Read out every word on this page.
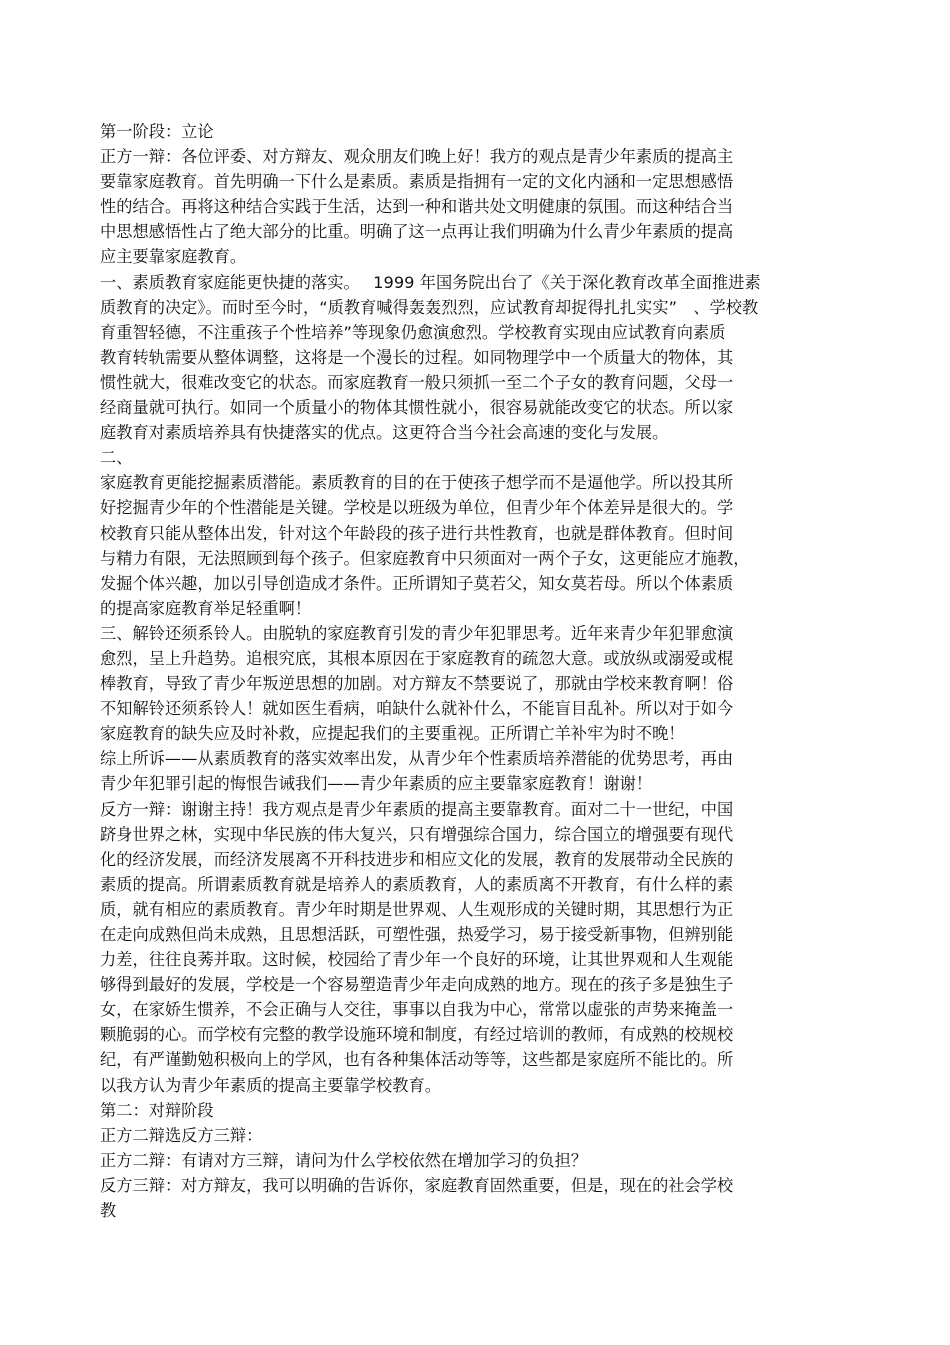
第一阶段：立论
正方一辩：各位评委、对方辩友、观众朋友们晚上好！我方的观点是青少年素质的提高主
要靠家庭教育。首先明确一下什么是素质。素质是指拥有一定的文化内涵和一定思想感悟
性的结合。再将这种结合实践于生活，达到一种和谐共处文明健康的氛围。而这种结合当
中思想感悟性占了绝大部分的比重。明确了这一点再让我们明确为什么青少年素质的提高
应主要靠家庭教育。
一、素质教育家庭能更快捷的落实。　 1999 年国务院出台了《关于深化教育改革全面推进素
质教育的决定》。而时至今时，“质教育喊得轰轰烈烈，应试教育却捉得扎扎实实”　、学校教
育重智轻德，不注重孩子个性培养”等现象仍愈演愈烈。学校教育实现由应试教育向素质
教育转轨需要从整体调整，这将是一个漫长的过程。如同物理学中一个质量大的物体，其
惯性就大，很难改变它的状态。而家庭教育一般只须抓一至二个子女的教育问题，父母一
经商量就可执行。如同一个质量小的物体其惯性就小，很容易就能改变它的状态。所以家
庭教育对素质培养具有快捷落实的优点。这更符合当今社会高速的变化与发展。
二、
家庭教育更能挖掘素质潜能。素质教育的目的在于使孩子想学而不是逼他学。所以投其所
好挖掘青少年的个性潜能是关键。学校是以班级为单位，但青少年个体差异是很大的。学
校教育只能从整体出发，针对这个年龄段的孩子进行共性教育，也就是群体教育。但时间
与精力有限，无法照顾到每个孩子。但家庭教育中只须面对一两个子女，这更能应才施教，
发掘个体兴趣，加以引导创造成才条件。正所谓知子莫若父，知女莫若母。所以个体素质
的提高家庭教育举足轻重啊！
三、解铃还须系铃人。由脱轨的家庭教育引发的青少年犯罪思考。近年来青少年犯罪愈演
愈烈，呈上升趋势。追根究底，其根本原因在于家庭教育的疏忽大意。或放纵或溺爱或棍
棒教育，导致了青少年叛逆思想的加剧。对方辩友不禁要说了，那就由学校来教育啊！俗
不知解铃还须系铃人！就如医生看病，咱缺什么就补什么，不能盲目乱补。所以对于如今
家庭教育的缺失应及时补救，应提起我们的主要重视。正所谓亡羊补牢为时不晚！
综上所诉——从素质教育的落实效率出发，从青少年个性素质培养潜能的优势思考，再由
青少年犯罪引起的悔恨告诫我们——青少年素质的应主要靠家庭教育！谢谢！
反方一辩：谢谢主持！我方观点是青少年素质的提高主要靠教育。面对二十一世纪，中国
跻身世界之林，实现中华民族的伟大复兴，只有增强综合国力，综合国立的增强要有现代
化的经济发展，而经济发展离不开科技进步和相应文化的发展，教育的发展带动全民族的
素质的提高。所谓素质教育就是培养人的素质教育，人的素质离不开教育，有什么样的素
质，就有相应的素质教育。青少年时期是世界观、人生观形成的关键时期，其思想行为正
在走向成熟但尚未成熟，且思想活跃，可塑性强，热爱学习，易于接受新事物，但辨别能
力差，往往良莠并取。这时候，校园给了青少年一个良好的环境，让其世界观和人生观能
够得到最好的发展，学校是一个容易塑造青少年走向成熟的地方。现在的孩子多是独生子
女，在家娇生惯养，不会正确与人交往，事事以自我为中心，常常以虚张的声势来掩盖一
颗脆弱的心。而学校有完整的教学设施环境和制度，有经过培训的教师，有成熟的校规校
纪，有严谨勤勉积极向上的学风，也有各种集体活动等等，这些都是家庭所不能比的。所
以我方认为青少年素质的提高主要靠学校教育。
第二：对辩阶段
正方二辩选反方三辩：
正方二辩：有请对方三辩，请问为什么学校依然在增加学习的负担？
反方三辩：对方辩友，我可以明确的告诉你，家庭教育固然重要，但是，现在的社会学校
教
